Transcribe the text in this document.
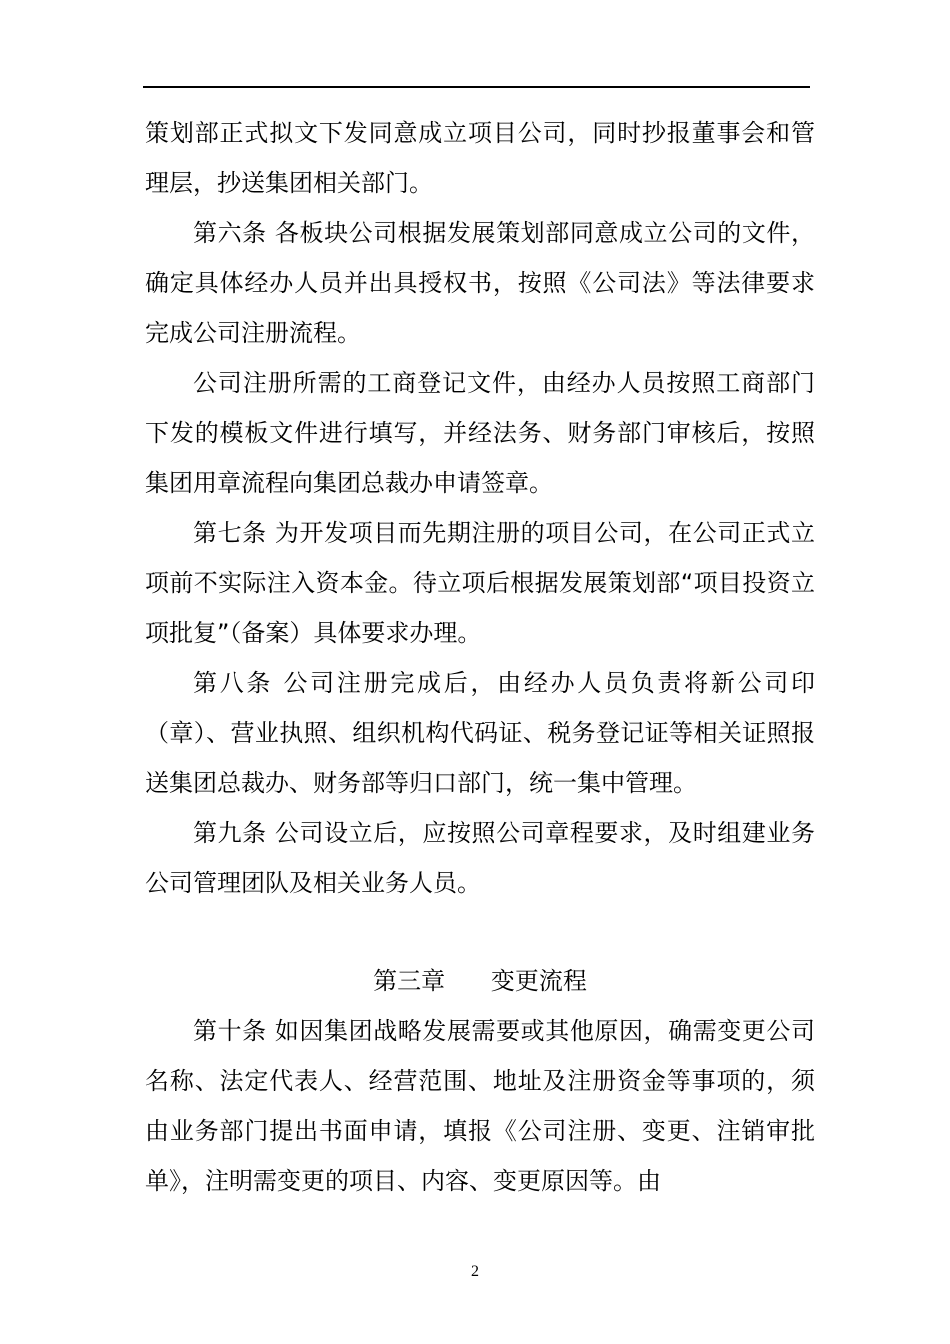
策划部正式拟文下发同意成立项目公司，同时抄报董事会和管理层，抄送集团相关部门。

第六条 各板块公司根据发展策划部同意成立公司的文件，确定具体经办人员并出具授权书，按照《公司法》等法律要求完成公司注册流程。

公司注册所需的工商登记文件，由经办人员按照工商部门下发的模板文件进行填写，并经法务、财务部门审核后，按照集团用章流程向集团总裁办申请签章。

第七条 为开发项目而先期注册的项目公司，在公司正式立项前不实际注入资本金。待立项后根据发展策划部“项目投资立项批复”（备案）具体要求办理。

第八条 公司注册完成后，由经办人员负责将新公司印（章）、营业执照、组织机构代码证、税务登记证等相关证照报送集团总裁办、财务部等归口部门，统一集中管理。

第九条 公司设立后，应按照公司章程要求，及时组建业务公司管理团队及相关业务人员。

第三章      变更流程

第十条 如因集团战略发展需要或其他原因，确需变更公司名称、法定代表人、经营范围、地址及注册资金等事项的，须由业务部门提出书面申请，填报《公司注册、变更、注销审批单》，注明需变更的项目、内容、变更原因等。由

2
